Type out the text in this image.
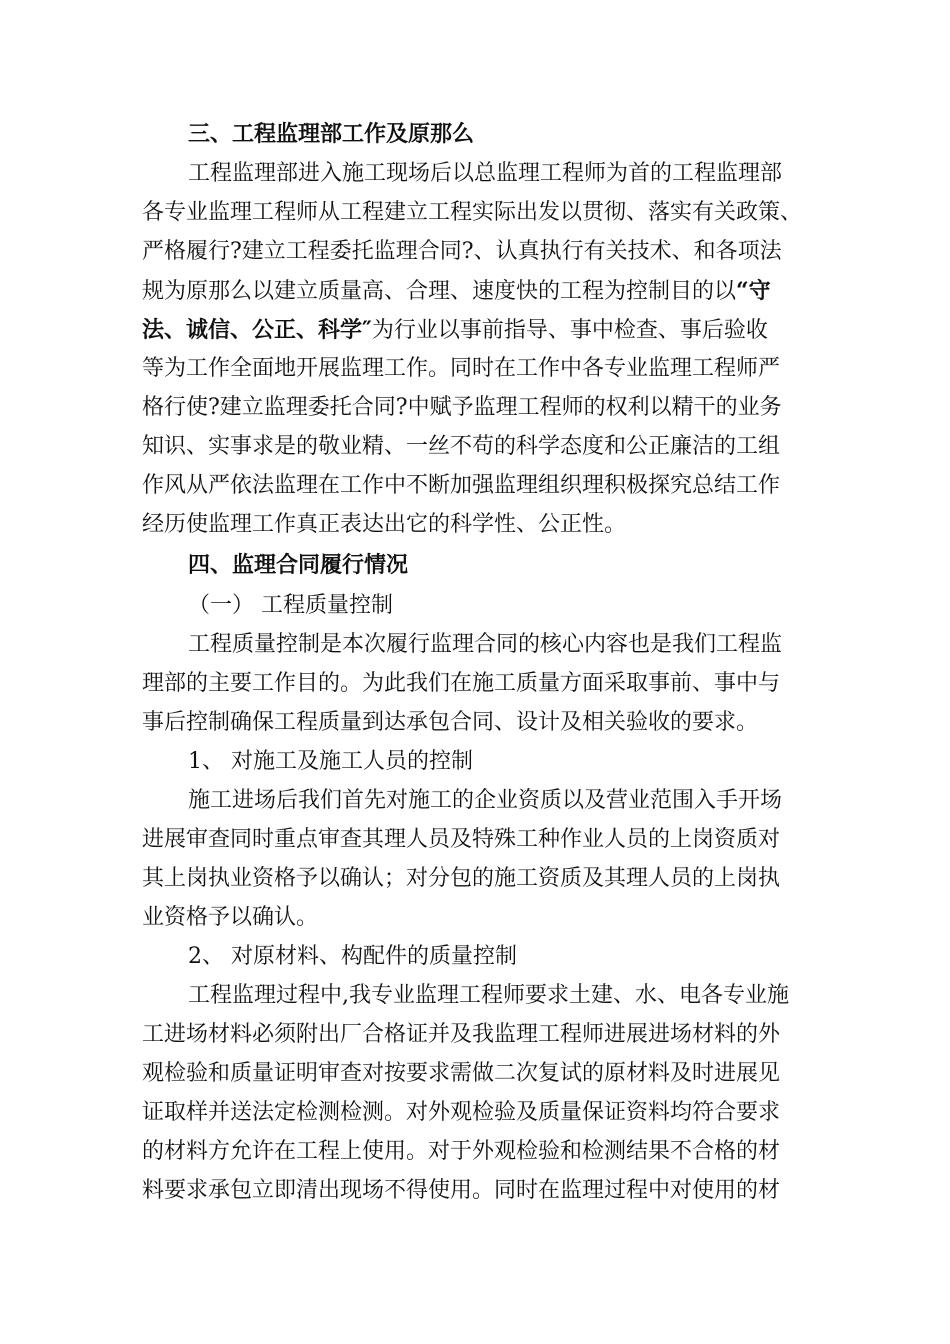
三、工程监理部工作及原那么
工程监理部进入施工现场后以总监理工程师为首的工程监理部
各专业监理工程师从工程建立工程实际出发以贯彻、落实有关政策、
严格履行?建立工程委托监理合同?、认真执行有关技术、和各项法
规为原那么以建立质量高、合理、速度快的工程为控制目的以“守
法、诚信、公正、科学″为行业以事前指导、事中检查、事后验收
等为工作全面地开展监理工作。同时在工作中各专业监理工程师严
格行使?建立监理委托合同?中赋予监理工程师的权利以精干的业务
知识、实事求是的敬业精、一丝不苟的科学态度和公正廉洁的工组
作风从严依法监理在工作中不断加强监理组织理积极探究总结工作
经历使监理工作真正表达出它的科学性、公正性。
四、监理合同履行情况
（一） 工程质量控制
工程质量控制是本次履行监理合同的核心内容也是我们工程监
理部的主要工作目的。为此我们在施工质量方面采取事前、事中与
事后控制确保工程质量到达承包合同、设计及相关验收的要求。
1、 对施工及施工人员的控制
施工进场后我们首先对施工的企业资质以及营业范围入手开场
进展审查同时重点审查其理人员及特殊工种作业人员的上岗资质对
其上岗执业资格予以确认；对分包的施工资质及其理人员的上岗执
业资格予以确认。
2、 对原材料、构配件的质量控制
工程监理过程中,我专业监理工程师要求土建、水、电各专业施
工进场材料必须附出厂合格证并及我监理工程师进展进场材料的外
观检验和质量证明审查对按要求需做二次复试的原材料及时进展见
证取样并送法定检测检测。对外观检验及质量保证资料均符合要求
的材料方允许在工程上使用。对于外观检验和检测结果不合格的材
料要求承包立即清出现场不得使用。同时在监理过程中对使用的材
